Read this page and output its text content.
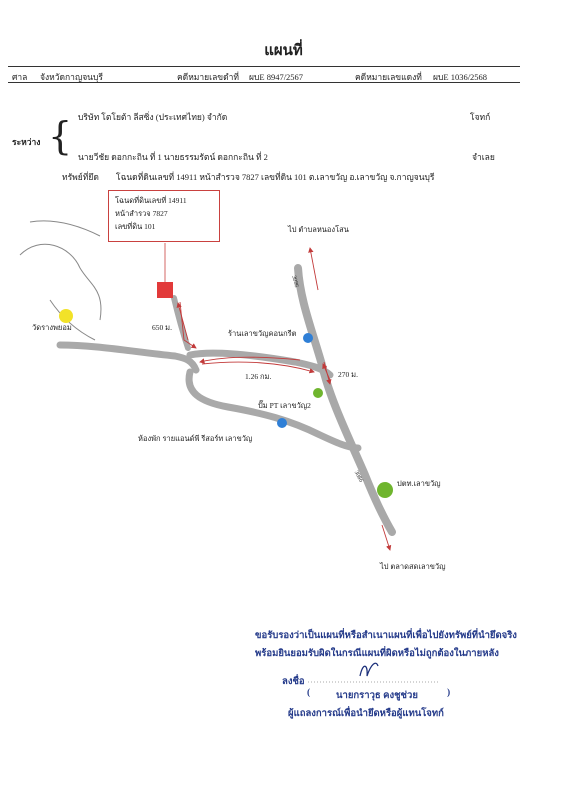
แผนที่
ศาล จังหวัดกาญจนบุรี	คดีหมายเลขดำที่ ผบE 8947/2567	คดีหมายเลขแดงที่ ผบE 1036/2568
ระหว่าง { บริษัท โตโยต้า ลีสซิ่ง (ประเทศไทย) จำกัด	โจทก์
นายวีชัย ดอกกะถิน ที่ 1 นายธรรมรัตน์ ดอกกะถิน ที่ 2	จำเลย
ทรัพย์ที่ยึด โฉนดที่ดินเลขที่ 14911 หน้าสำรวจ 7827 เลขที่ดิน 101 ต.เลาขวัญ อ.เลาขวัญ จ.กาญจนบุรี
โฉนดที่ดินเลขที่ 14911
หน้าสำรวจ 7827
เลขที่ดิน 101
วัดรางพยอม
ไป ตำบลหนองโสน
ร้านเลาขวัญคอนกรีต
650 ม.
1.26 กม.	270 ม.
ปั๊ม PT เลาขวัญ2
ห้องพัก รายแอนด์พี รีสอร์ท เลาขวัญ
ปตท.เลาขวัญ
ไป ตลาดสดเลาขวัญ
3086
3086
ขอรับรองว่าเป็นแผนที่หรือสำเนาแผนที่เพื่อไปยังทรัพย์ที่นำยึดจริง
พร้อมยินยอมรับผิดในกรณีแผนที่ผิดหรือไม่ถูกต้องในภายหลัง
ลงชื่อ
(	นายกราวุธ คงชูช่วย	)
ผู้แถลงการณ์เพื่อนำยึดหรือผู้แทนโจทก์
